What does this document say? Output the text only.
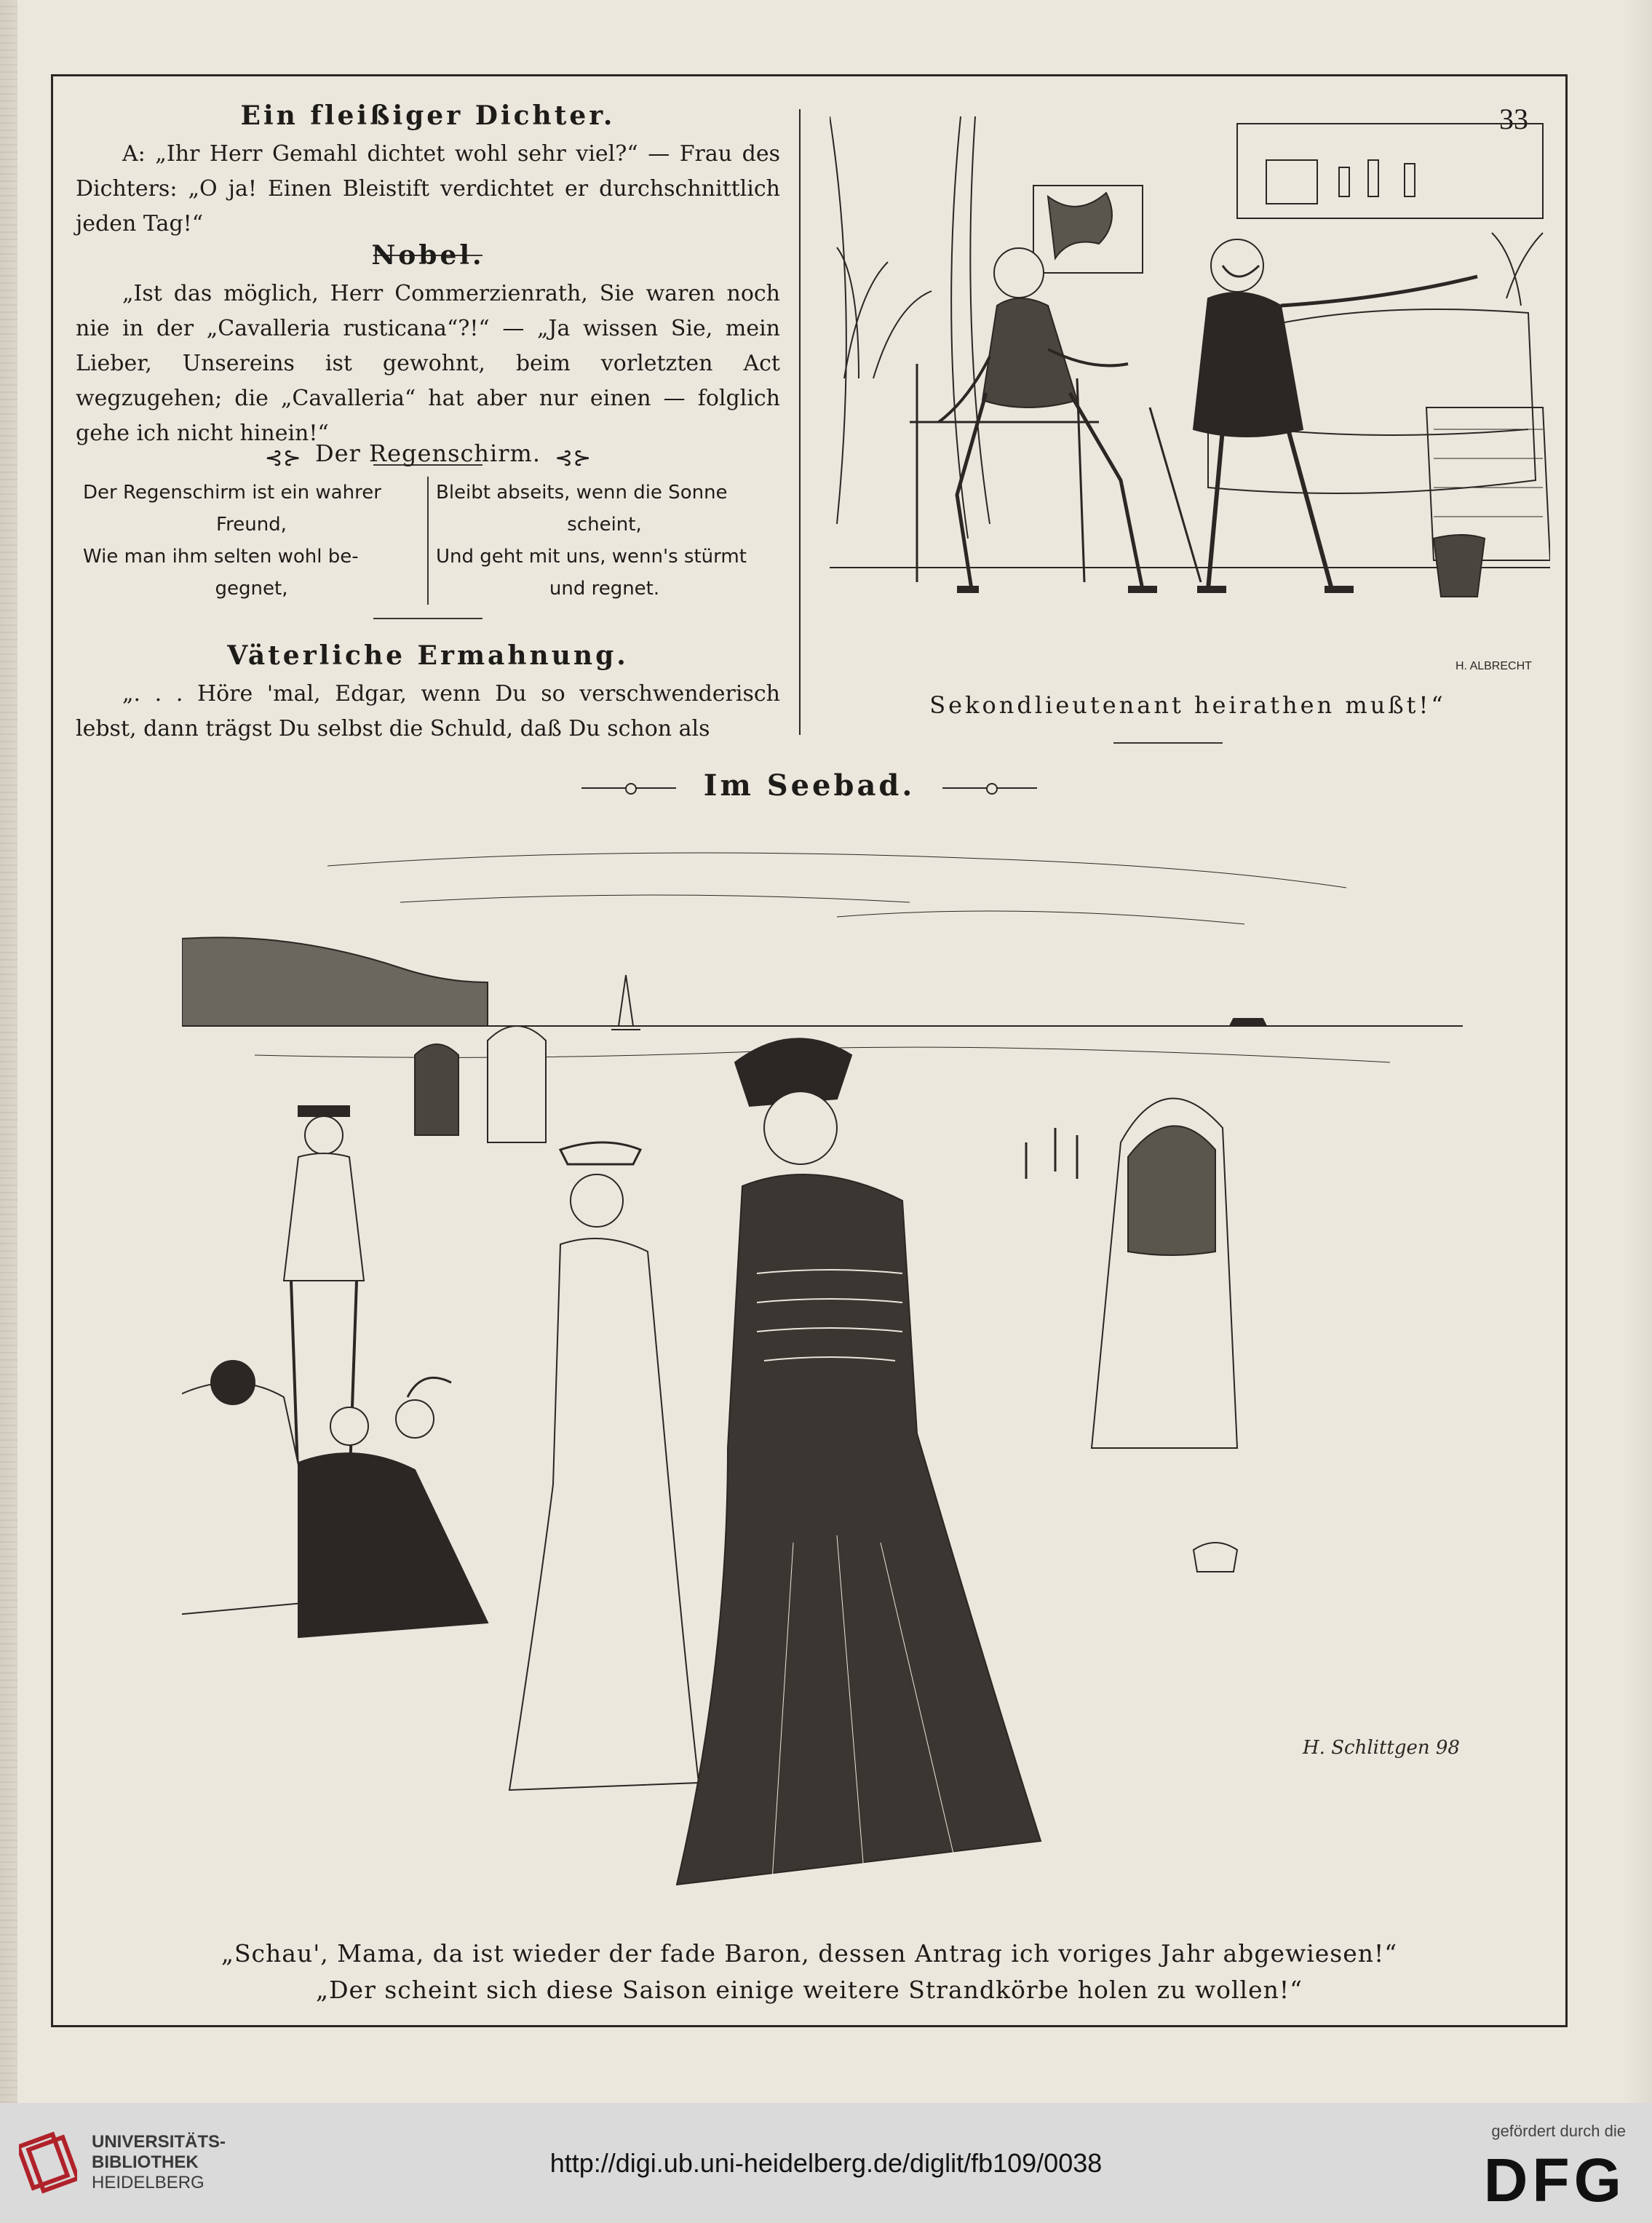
33
Ein fleißiger Dichter.

A: „Ihr Herr Gemahl dichtet wohl sehr viel?“ — Frau des Dichters: „O ja! Einen Bleistift verdichtet er durchschnittlich jeden Tag!“

Nobel.

„Ist das möglich, Herr Commerzienrath, Sie waren noch nie in der „Cavalleria rusticana“?!“ — „Ja wissen Sie, mein Lieber, Unsereins ist gewohnt, beim vorletzten Act wegzugehen; die „Cavalleria“ hat aber nur einen — folglich gehe ich nicht hinein!“

⊰⊱ Der Regenschirm. ⊰⊱
Der Regenschirm ist ein wahrer
Freund,
Wie man ihm selten wohl be-
gegnet,
Bleibt abseits, wenn die Sonne
scheint,
Und geht mit uns, wenn's stürmt
und regnet.
Väterliche Ermahnung.

„. . . Höre 'mal, Edgar, wenn Du so verschwenderisch lebst, dann trägst Du selbst die Schuld, daß Du schon als

H. ALBRECHT
Sekondlieutenant heirathen mußt!“
Im Seebad.
H. Schlittgen 98
„Schau', Mama, da ist wieder der fade Baron, dessen Antrag ich voriges Jahr abgewiesen!“
„Der scheint sich diese Saison einige weitere Strandkörbe holen zu wollen!“
UNIVERSITÄTS-
BIBLIOTHEK
HEIDELBERG
http://digi.ub.uni-heidelberg.de/diglit/fb109/0038
gefördert durch die
DFG
